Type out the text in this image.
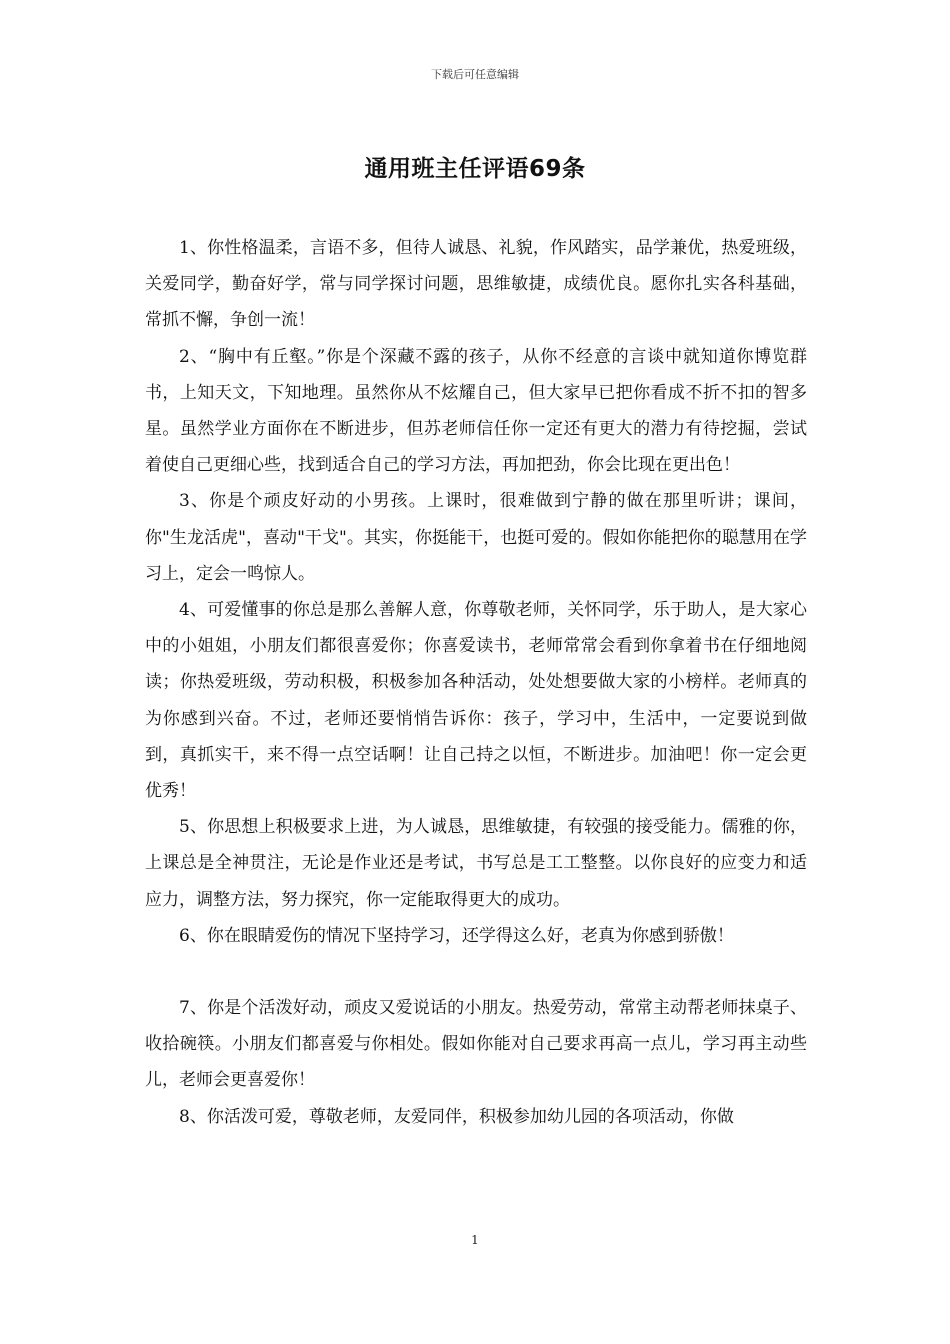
下载后可任意编辑
通用班主任评语69条

1、你性格温柔，言语不多，但待人诚恳、礼貌，作风踏实，品学兼优，热爱班级，关爱同学，勤奋好学，常与同学探讨问题，思维敏捷，成绩优良。愿你扎实各科基础，常抓不懈，争创一流！

2、“胸中有丘壑。”你是个深藏不露的孩子，从你不经意的言谈中就知道你博览群书，上知天文，下知地理。虽然你从不炫耀自己，但大家早已把你看成不折不扣的智多星。虽然学业方面你在不断进步，但苏老师信任你一定还有更大的潜力有待挖掘，尝试着使自己更细心些，找到适合自己的学习方法，再加把劲，你会比现在更出色！

3、你是个顽皮好动的小男孩。上课时，很难做到宁静的做在那里听讲；课间，你"生龙活虎"，喜动"干戈"。其实，你挺能干，也挺可爱的。假如你能把你的聪慧用在学习上，定会一鸣惊人。

4、可爱懂事的你总是那么善解人意，你尊敬老师，关怀同学，乐于助人，是大家心中的小姐姐，小朋友们都很喜爱你；你喜爱读书，老师常常会看到你拿着书在仔细地阅读；你热爱班级，劳动积极，积极参加各种活动，处处想要做大家的小榜样。老师真的为你感到兴奋。不过，老师还要悄悄告诉你：孩子，学习中，生活中，一定要说到做到，真抓实干，来不得一点空话啊！让自己持之以恒，不断进步。加油吧！你一定会更优秀！

5、你思想上积极要求上进，为人诚恳，思维敏捷，有较强的接受能力。儒雅的你，上课总是全神贯注，无论是作业还是考试，书写总是工工整整。以你良好的应变力和适应力，调整方法，努力探究，你一定能取得更大的成功。

6、你在眼睛爱伤的情况下坚持学习，还学得这么好，老真为你感到骄傲！

7、你是个活泼好动，顽皮又爱说话的小朋友。热爱劳动，常常主动帮老师抹桌子、收拾碗筷。小朋友们都喜爱与你相处。假如你能对自己要求再高一点儿，学习再主动些儿，老师会更喜爱你！

8、你活泼可爱，尊敬老师，友爱同伴，积极参加幼儿园的各项活动，你做

1
